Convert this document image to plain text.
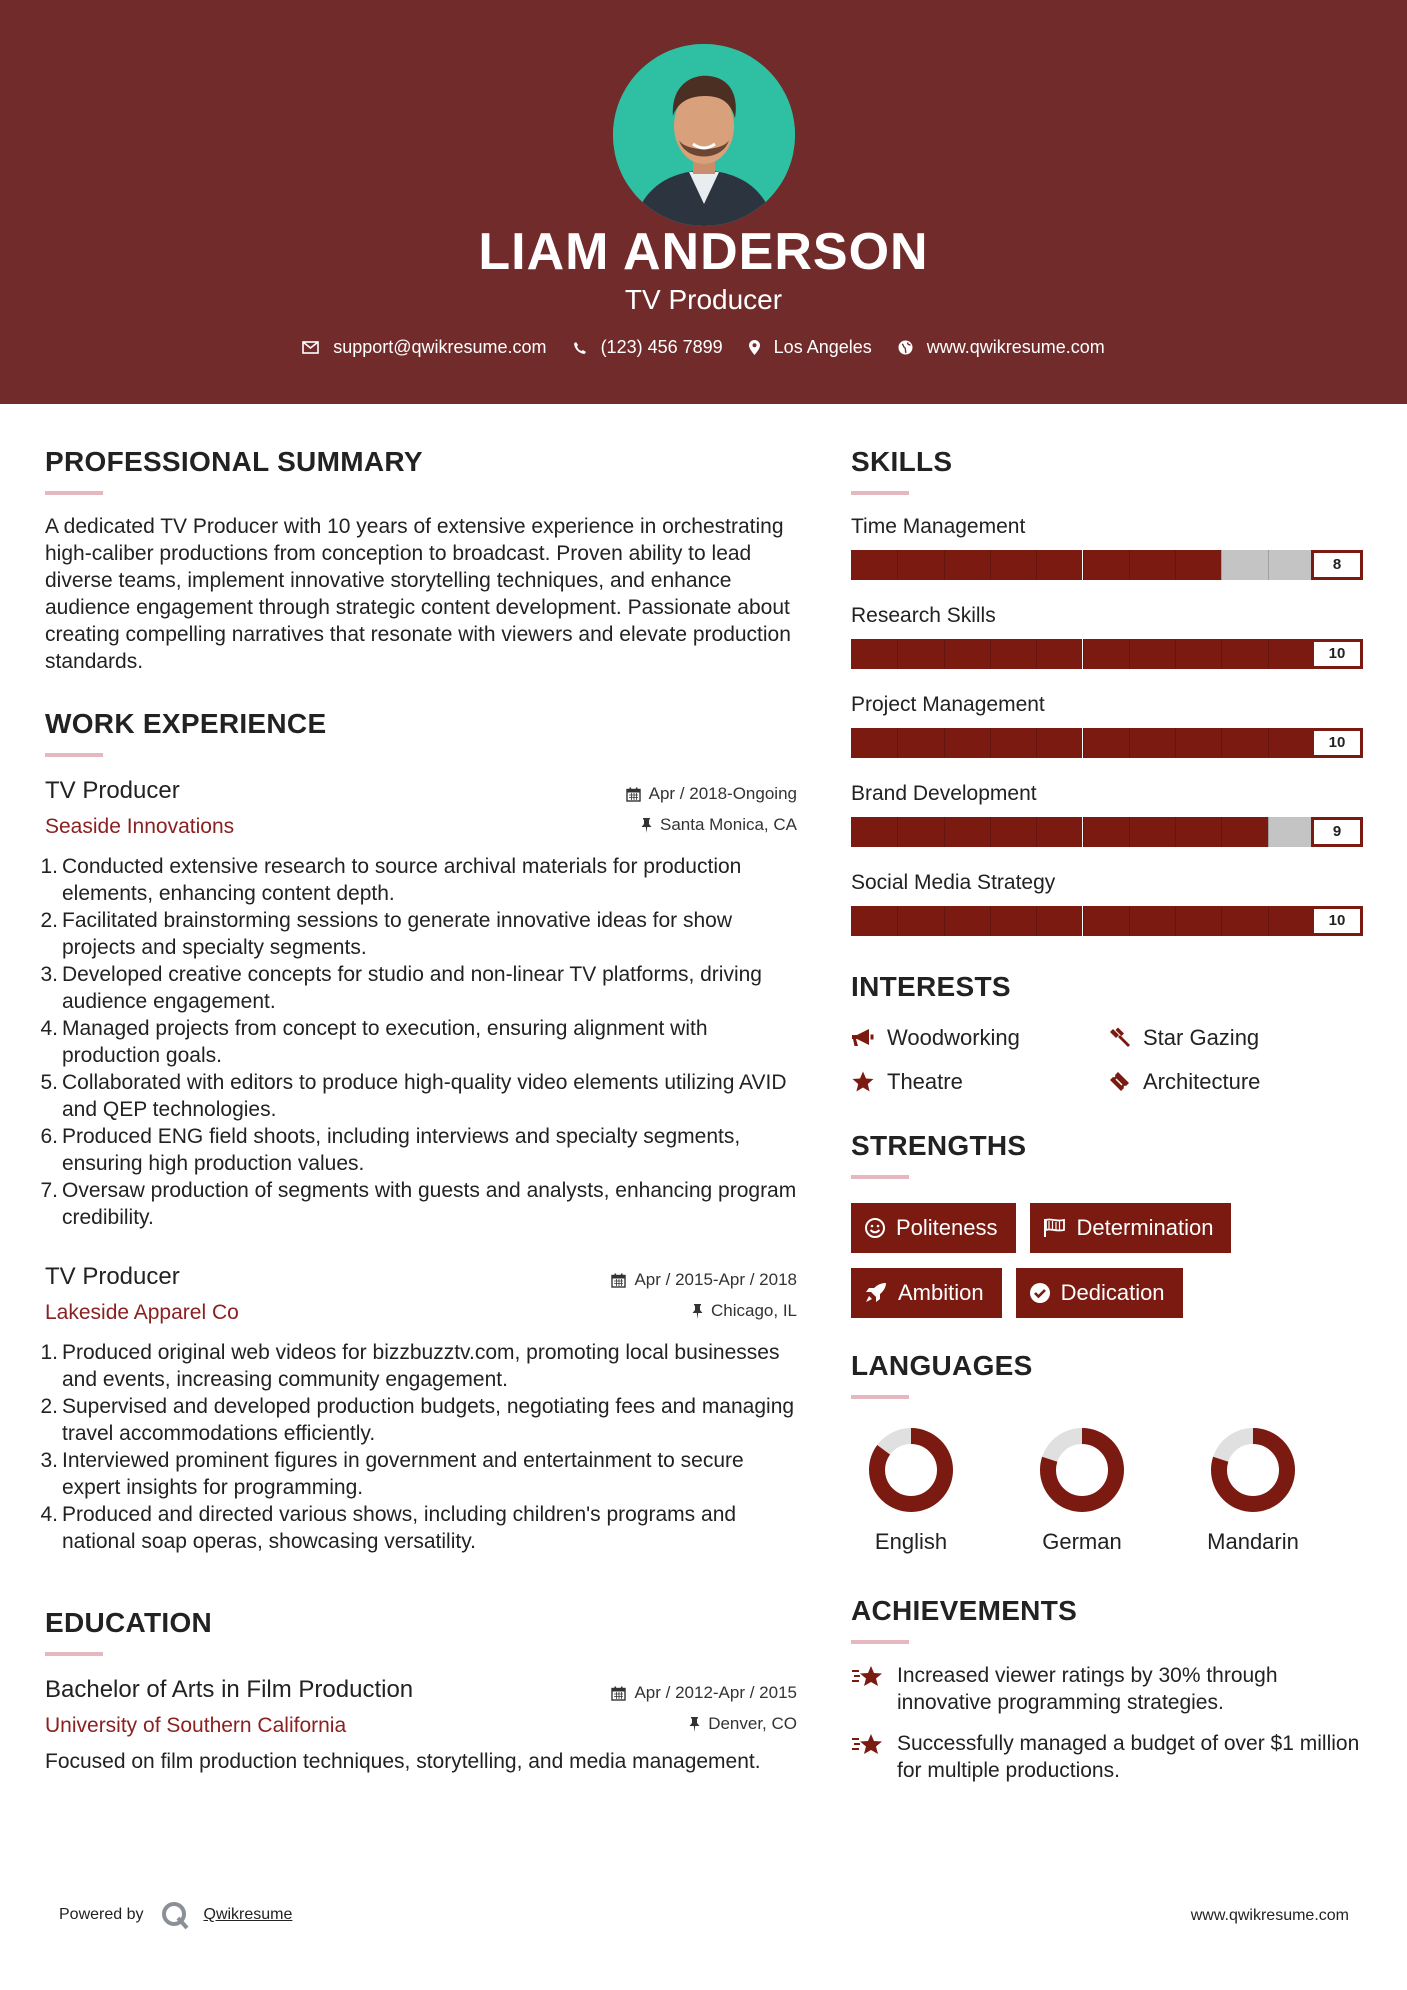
LIAM ANDERSON
TV Producer
support@qwikresume.com	(123) 456 7899	Los Angeles	www.qwikresume.com
PROFESSIONAL SUMMARY
A dedicated TV Producer with 10 years of extensive experience in orchestrating high-caliber productions from conception to broadcast. Proven ability to lead diverse teams, implement innovative storytelling techniques, and enhance audience engagement through strategic content development. Passionate about creating compelling narratives that resonate with viewers and elevate production standards.
WORK EXPERIENCE
TV Producer
Seaside Innovations
Apr / 2018-Ongoing
Santa Monica, CA
1. Conducted extensive research to source archival materials for production elements, enhancing content depth.
2. Facilitated brainstorming sessions to generate innovative ideas for show projects and specialty segments.
3. Developed creative concepts for studio and non-linear TV platforms, driving audience engagement.
4. Managed projects from concept to execution, ensuring alignment with production goals.
5. Collaborated with editors to produce high-quality video elements utilizing AVID and QEP technologies.
6. Produced ENG field shoots, including interviews and specialty segments, ensuring high production values.
7. Oversaw production of segments with guests and analysts, enhancing program credibility.
TV Producer
Lakeside Apparel Co
Apr / 2015-Apr / 2018
Chicago, IL
1. Produced original web videos for bizzbuzztv.com, promoting local businesses and events, increasing community engagement.
2. Supervised and developed production budgets, negotiating fees and managing travel accommodations efficiently.
3. Interviewed prominent figures in government and entertainment to secure expert insights for programming.
4. Produced and directed various shows, including children's programs and national soap operas, showcasing versatility.
EDUCATION
Bachelor of Arts in Film Production
University of Southern California
Apr / 2012-Apr / 2015
Denver, CO
Focused on film production techniques, storytelling, and media management.
SKILLS
Time Management
8
Research Skills
10
Project Management
10
Brand Development
9
Social Media Strategy
10
INTERESTS
Woodworking	Star Gazing
Theatre	Architecture
STRENGTHS
Politeness	Determination
Ambition	Dedication
LANGUAGES
English	German	Mandarin
ACHIEVEMENTS
Increased viewer ratings by 30% through innovative programming strategies.
Successfully managed a budget of over $1 million for multiple productions.
Powered by	Qwikresume	www.qwikresume.com
